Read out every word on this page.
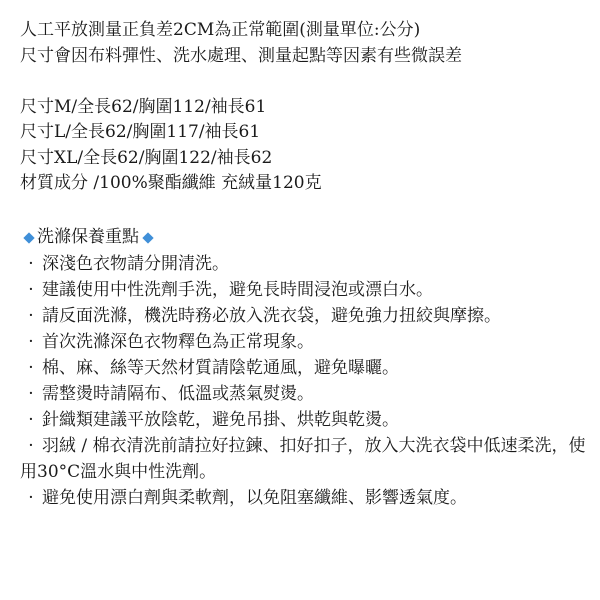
人工平放測量正負差2CM為正常範圍(測量單位:公分)
尺寸會因布料彈性、洗水處理、測量起點等因素有些微誤差
尺寸M/全長62/胸圍112/袖長61
尺寸L/全長62/胸圍117/袖長61
尺寸XL/全長62/胸圍122/袖長62
材質成分 /100%聚酯纖維 充絨量120克
洗滌保養重點
· 深淺色衣物請分開清洗。
· 建議使用中性洗劑手洗，避免長時間浸泡或漂白水。
· 請反面洗滌，機洗時務必放入洗衣袋，避免強力扭絞與摩擦。
· 首次洗滌深色衣物釋色為正常現象。
· 棉、麻、絲等天然材質請陰乾通風，避免曝曬。
· 需整燙時請隔布、低溫或蒸氣熨燙。
· 針織類建議平放陰乾，避免吊掛、烘乾與乾燙。
· 羽絨 / 棉衣清洗前請拉好拉鍊、扣好扣子，放入大洗衣袋中低速柔洗，使用30°C溫水與中性洗劑。
· 避免使用漂白劑與柔軟劑，以免阻塞纖維、影響透氣度。
